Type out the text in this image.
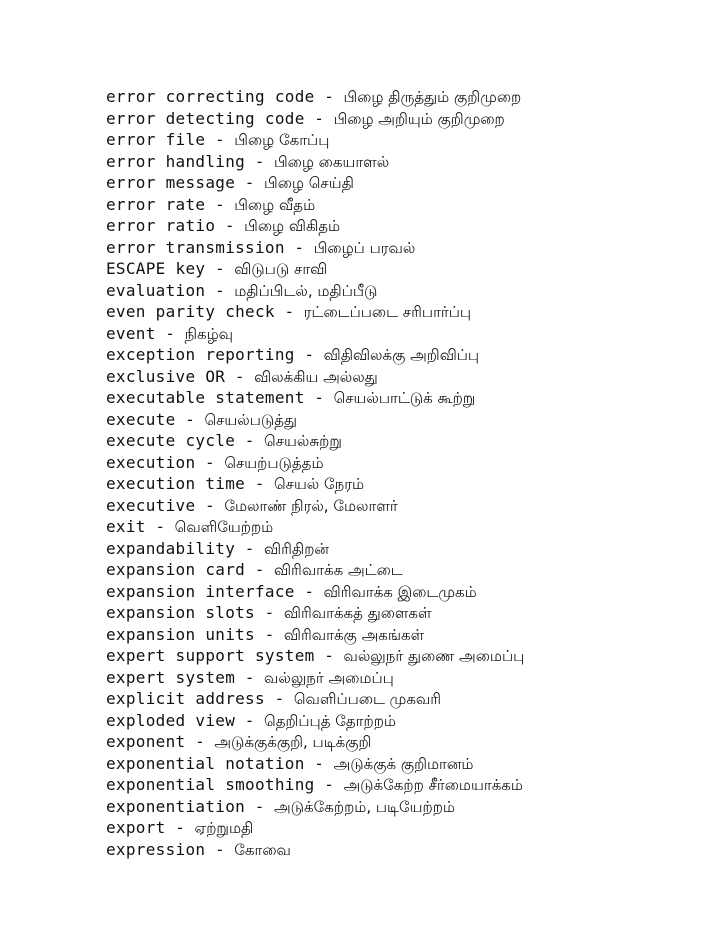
error correcting code - பிழை திருத்தும் குறிமுறை
error detecting code - பிழை அறியும் குறிமுறை
error file - பிழை கோப்பு
error handling - பிழை கையாளல்
error message - பிழை செய்தி
error rate - பிழை வீதம்
error ratio - பிழை விகிதம்
error transmission - பிழைப் பரவல்
ESCAPE key - விடுபடு சாவி
evaluation - மதிப்பிடல், மதிப்பீடு
even parity check - ரட்டைப்படை சரிபார்ப்பு
event - நிகழ்வு
exception reporting - விதிவிலக்கு அறிவிப்பு
exclusive OR - விலக்கிய அல்லது
executable statement - செயல்பாட்டுக் கூற்று
execute - செயல்படுத்து
execute cycle - செயல்சுற்று
execution - செயற்படுத்தம்
execution time - செயல் நேரம்
executive - மேலாண் நிரல், மேலாளர்
exit - வெளியேற்றம்
expandability - விரிதிறன்
expansion card - விரிவாக்க அட்டை
expansion interface - விரிவாக்க இடைமுகம்
expansion slots - விரிவாக்கத் துளைகள்
expansion units - விரிவாக்கு அகங்கள்
expert support system - வல்லுநர் துணை அமைப்பு
expert system - வல்லுநர் அமைப்பு
explicit address - வெளிப்படை முகவரி
exploded view - தெறிப்புத் தோற்றம்
exponent - அடுக்குக்குறி, படிக்குறி
exponential notation - அடுக்குக் குறிமானம்
exponential smoothing - அடுக்கேற்ற சீர்மையாக்கம்
exponentiation - அடுக்கேற்றம், படியேற்றம்
export - ஏற்றுமதி
expression - கோவை
